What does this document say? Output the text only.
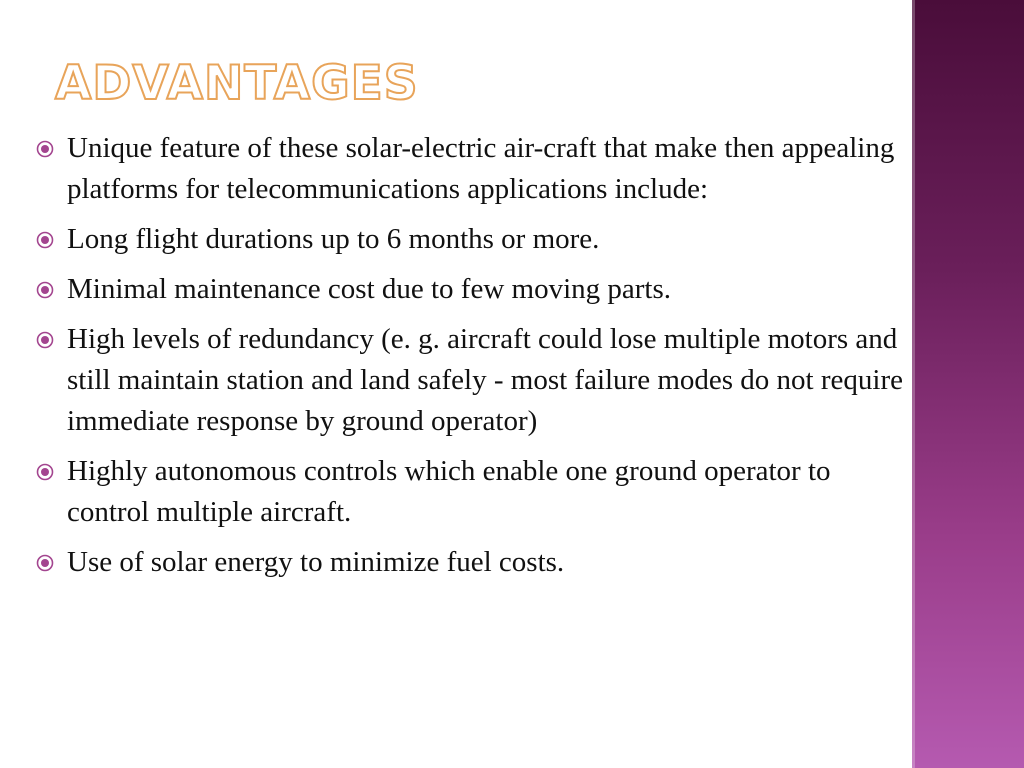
ADVANTAGES
Unique feature of these solar-electric air-craft that make then appealing platforms for telecommunications applications include:
Long flight durations up to 6 months or more.
Minimal maintenance cost due to few moving parts.
High levels of redundancy (e. g. aircraft could lose multiple motors and still maintain station and land safely - most failure modes do not require immediate response by ground operator)
Highly autonomous controls which enable one ground operator to control multiple aircraft.
Use of solar energy to minimize fuel costs.
